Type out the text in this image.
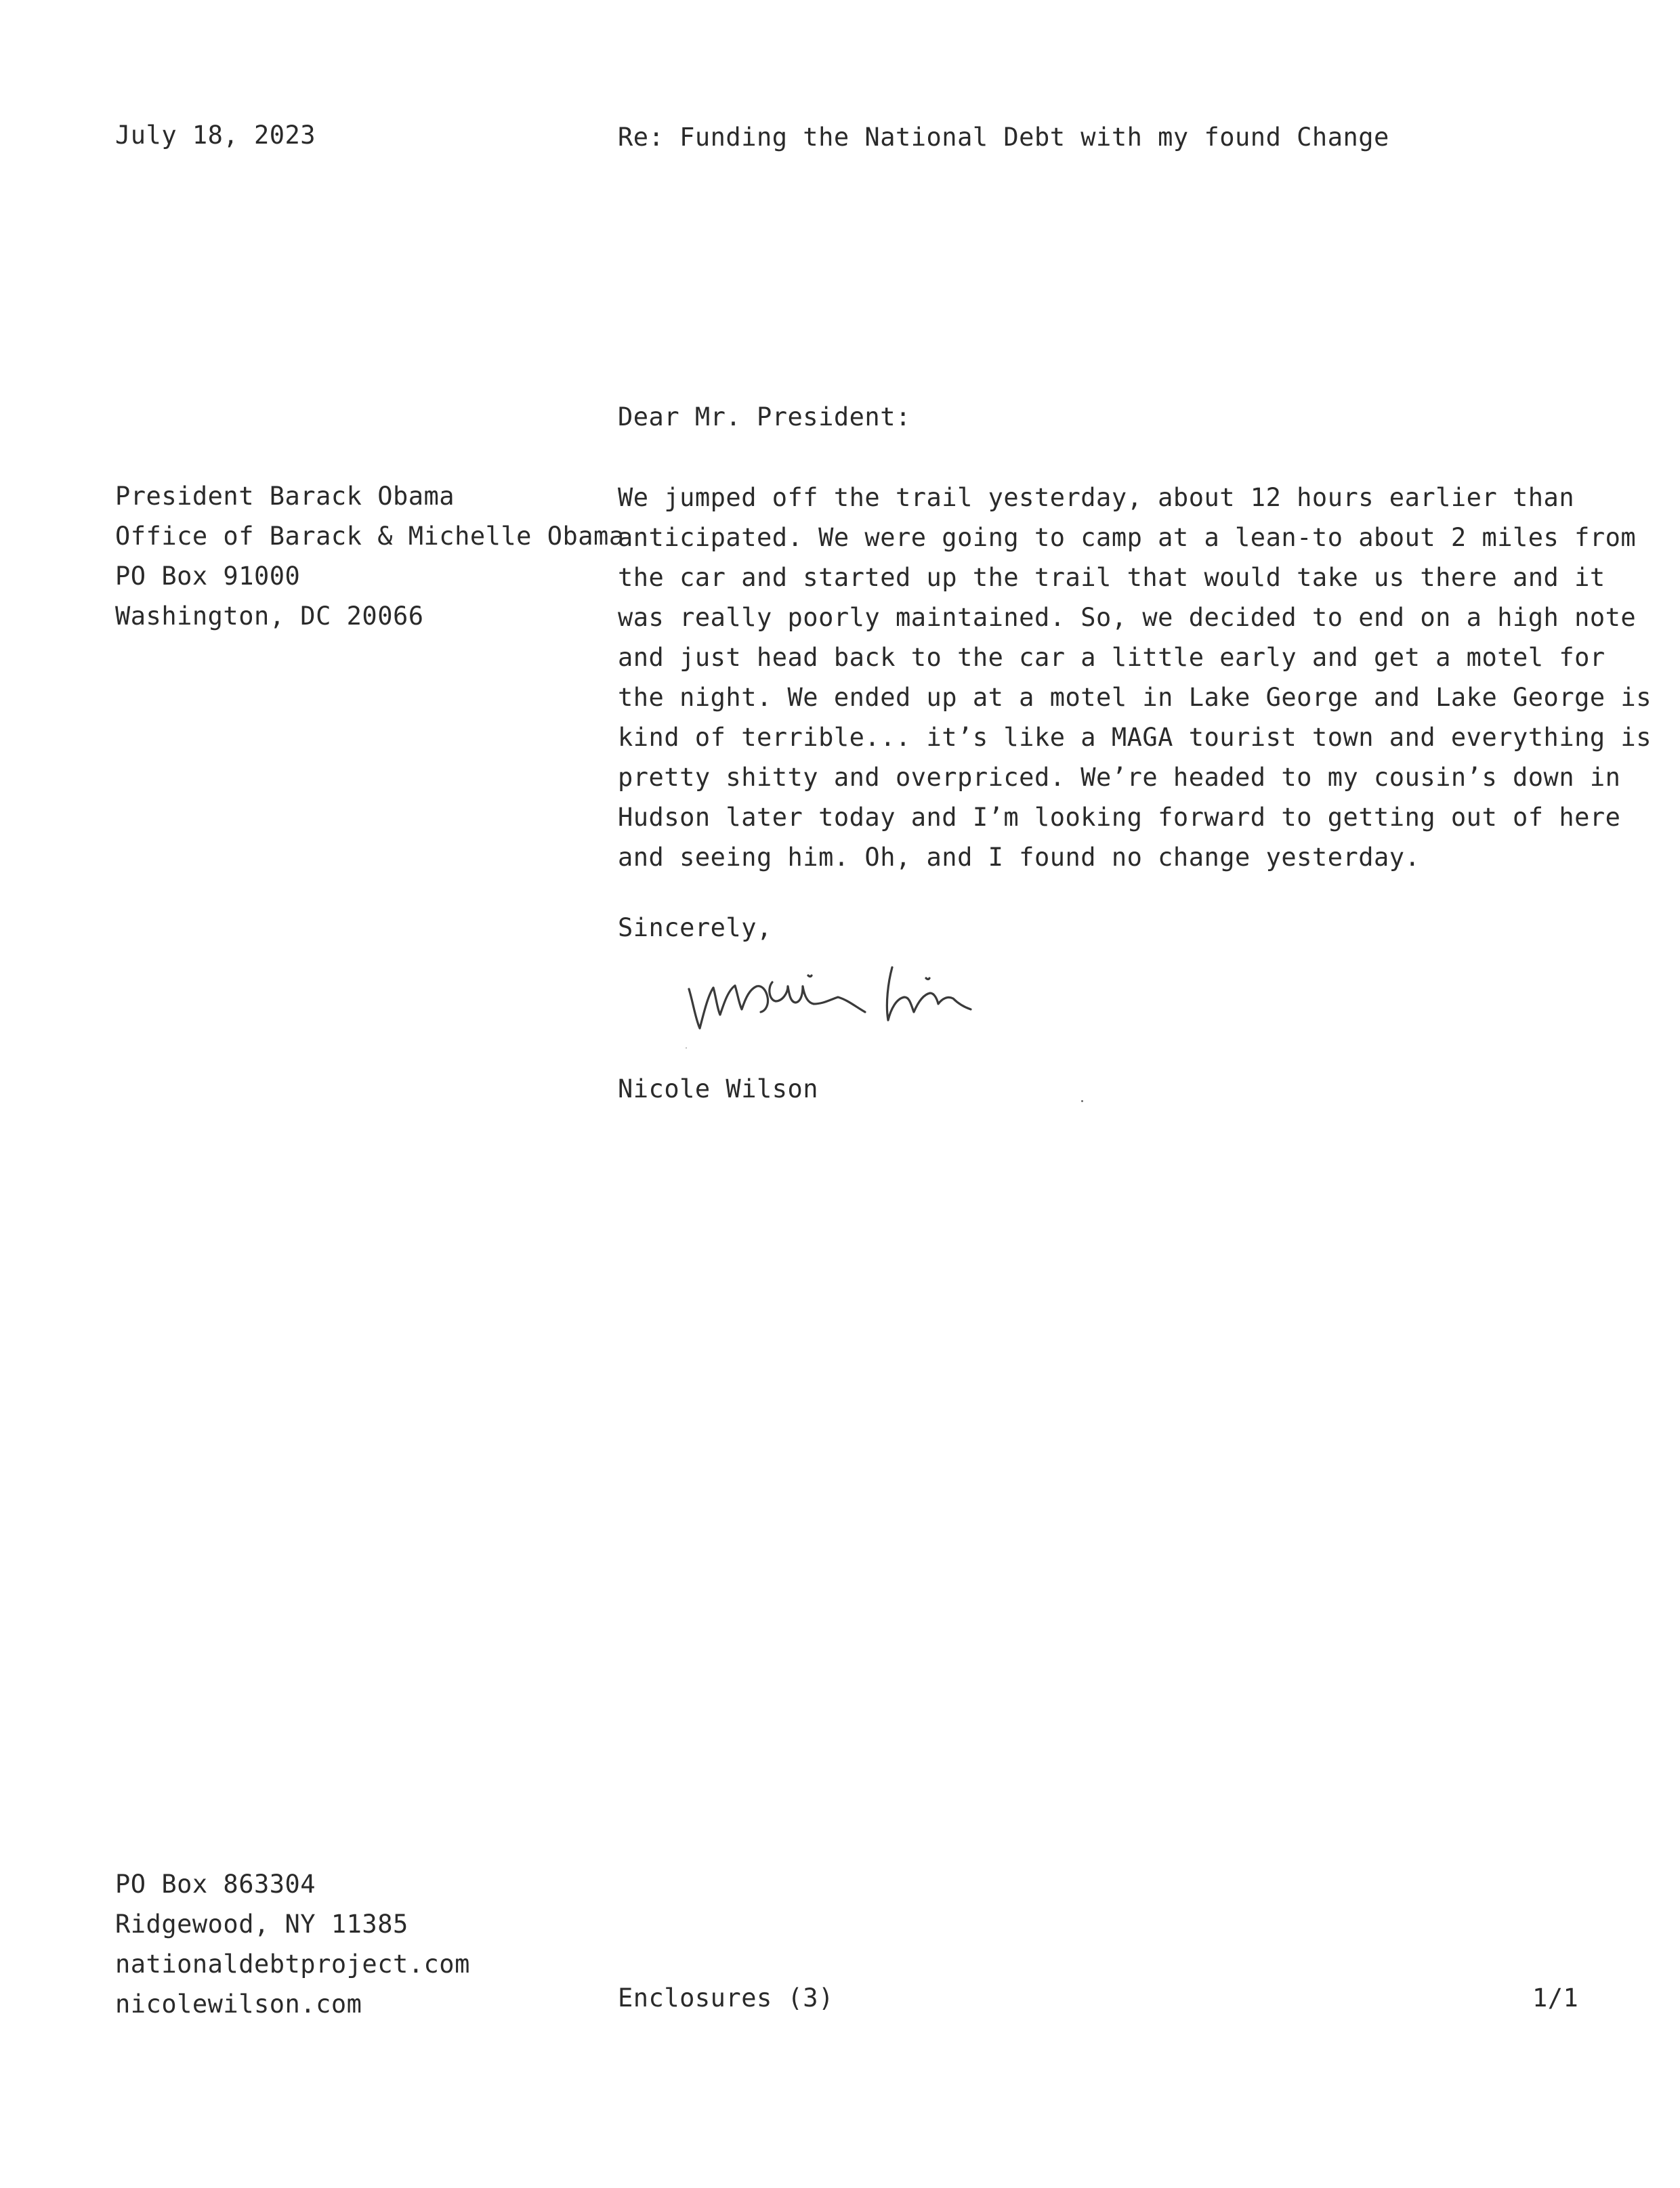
July 18, 2023	Re: Funding the National Debt with my found Change
Dear Mr. President:
President Barack Obama
Office of Barack & Michelle Obama
PO Box 91000
Washington, DC 20066
We jumped off the trail yesterday, about 12 hours earlier than
anticipated. We were going to camp at a lean-to about 2 miles from
the car and started up the trail that would take us there and it
was really poorly maintained. So, we decided to end on a high note
and just head back to the car a little early and get a motel for
the night. We ended up at a motel in Lake George and Lake George is
kind of terrible... it’s like a MAGA tourist town and everything is
pretty shitty and overpriced. We’re headed to my cousin’s down in
Hudson later today and I’m looking forward to getting out of here
and seeing him. Oh, and I found no change yesterday.
Sincerely,
Nicole Wilson
PO Box 863304
Ridgewood, NY 11385
nationaldebtproject.com
nicolewilson.com	Enclosures (3)	1/1
